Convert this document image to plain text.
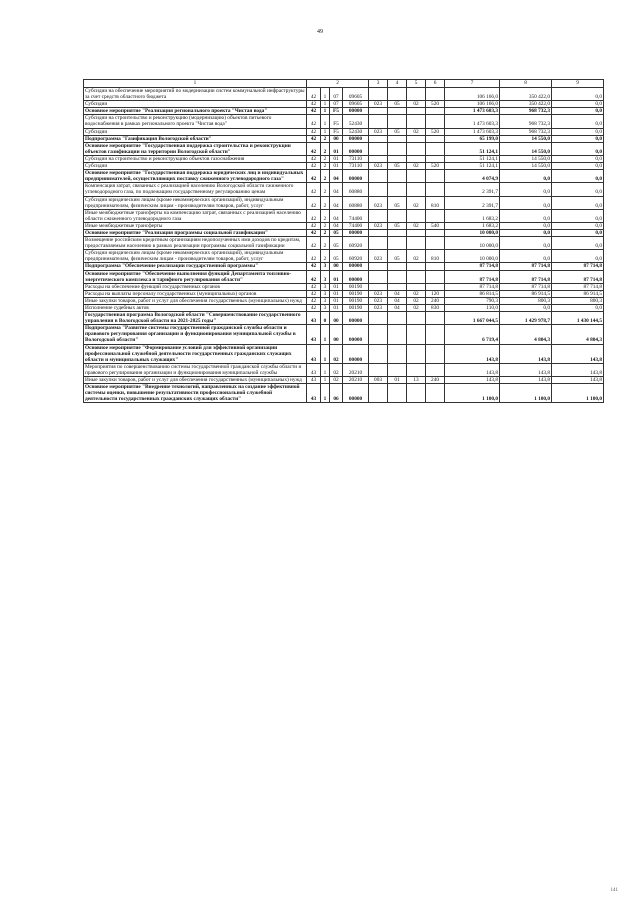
49
1	2				3	4	5	6	7	8	9
Субсидии на обеспечение мероприятий по модернизации систем коммунальной инфраструктуры за счет средств областного бюджета	42	1	07	09605					106 166,0	350 422,0	0,0
Субсидии	42	1	07	09605	023	05	02	520	106 166,0	350 422,0	0,0
Основное мероприятие "Реализация регионального проекта "Чистая вода"	42	1	F5	00000					1 473 603,3	968 732,3	0,0
Субсидии на строительство и реконструкцию (модернизацию) объектов питьевого водоснабжения в рамках регионального проекта "Чистая вода"	42	1	F5	52430					1 473 603,3	968 732,3	0,0
Субсидии	42	1	F5	52430	023	05	02	520	1 473 603,3	968 732,3	0,0
Подпрограмма "Газификация Вологодской области"	42	2	00	00000					65 199,0	14 550,0	0,0
Основное мероприятие "Государственная поддержка строительства и реконструкции объектов газификации на территории Вологодской области"	42	2	01	00000					51 124,1	14 550,0	0,0
Субсидии на строительство и реконструкцию объектов газоснабжения	42	2	01	73110					51 124,1	14 550,0	0,0
Субсидии	42	2	01	73110	023	05	02	520	51 124,1	14 550,0	0,0
Основное мероприятие "Государственная поддержка юридических лиц и индивидуальных предпринимателей, осуществляющих поставку сжиженного углеводородного газа"	42	2	04	00000					4 074,9	0,0	0,0
Компенсация затрат, связанных с реализацией населению Вологодской области сжиженного углеводородного газа, по подлежащим государственному регулированию ценам	42	2	04	60880					2 391,7	0,0	0,0
Субсидии юридическим лицам (кроме некоммерческих организаций), индивидуальным предпринимателям, физическим лицам - производителям товаров, работ, услуг	42	2	04	60880	023	05	02	810	2 391,7	0,0	0,0
Иные межбюджетные трансферты на компенсацию затрат, связанных с реализацией населению области сжиженного углеводородного газа	42	2	04	74400					1 683,2	0,0	0,0
Иные межбюджетные трансферты	42	2	04	74400	023	05	02	540	1 683,2	0,0	0,0
Основное мероприятие "Реализация программы социальной газификации"	42	2	05	00000					10 000,0	0,0	0,0
Возмещение российским кредитным организациям недополученных ими доходов по кредитам, предоставляемым населению в рамках реализации программы социальной газификации	42	2	05	60920					10 000,0	0,0	0,0
Субсидии юридическим лицам (кроме некоммерческих организаций), индивидуальным предпринимателям, физическим лицам - производителям товаров, работ, услуг	42	2	05	60920	023	05	02	810	10 000,0	0,0	0,0
Подпрограмма "Обеспечение реализации государственной программы"	42	3	00	00000					87 714,8	87 714,8	87 714,8
Основное мероприятие "Обеспечение выполнения функций Департамента топливно-энергетического комплекса и тарифного регулирования области"	42	3	01	00000					87 714,8	87 714,8	87 714,8
Расходы на обеспечение функций государственных органов	42	3	01	00190					87 714,8	87 714,8	87 714,8
Расходы на выплаты персоналу государственных (муниципальных) органов	42	3	01	00190	023	04	02	120	86 814,5	86 914,5	86 914,5
Иные закупки товаров, работ и услуг для обеспечения государственных (муниципальных) нужд	42	3	01	00190	023	04	02	240	790,3	800,3	800,3
Исполнение судебных актов	42	3	01	00190	023	04	02	830	110,0	0,0	0,0
Государственная программа Вологодской области "Совершенствование государственного управления в Вологодской области на 2021-2025 годы"	43	0	00	00000					1 667 044,5	1 429 978,7	1 430 144,5
Подпрограмма "Развитие системы государственной гражданской службы области и правового регулирования организации и функционирования муниципальной службы в Вологодской области"	43	1	00	00000					6 719,4	4 804,3	4 804,3
Основное мероприятие "Формирование условий для эффективной организации профессиональной служебной деятельности государственных гражданских служащих области и муниципальных служащих"	43	1	02	00000					143,8	143,8	143,8
Мероприятия по совершенствованию системы государственной гражданской службы области и правового регулирования организации и функционирования муниципальной службы	43	1	02	20210					143,8	143,8	143,8
Иные закупки товаров, работ и услуг для обеспечения государственных (муниципальных) нужд	43	1	02	20210	003	01	13	240	143,8	143,8	143,8
Основное мероприятие "Внедрение технологий, направленных на создание эффективной системы оценки, повышение результативности профессиональной служебной деятельности государственных гражданских служащих области"	43	1	06	00000					1 100,0	1 100,0	1 100,0
141
